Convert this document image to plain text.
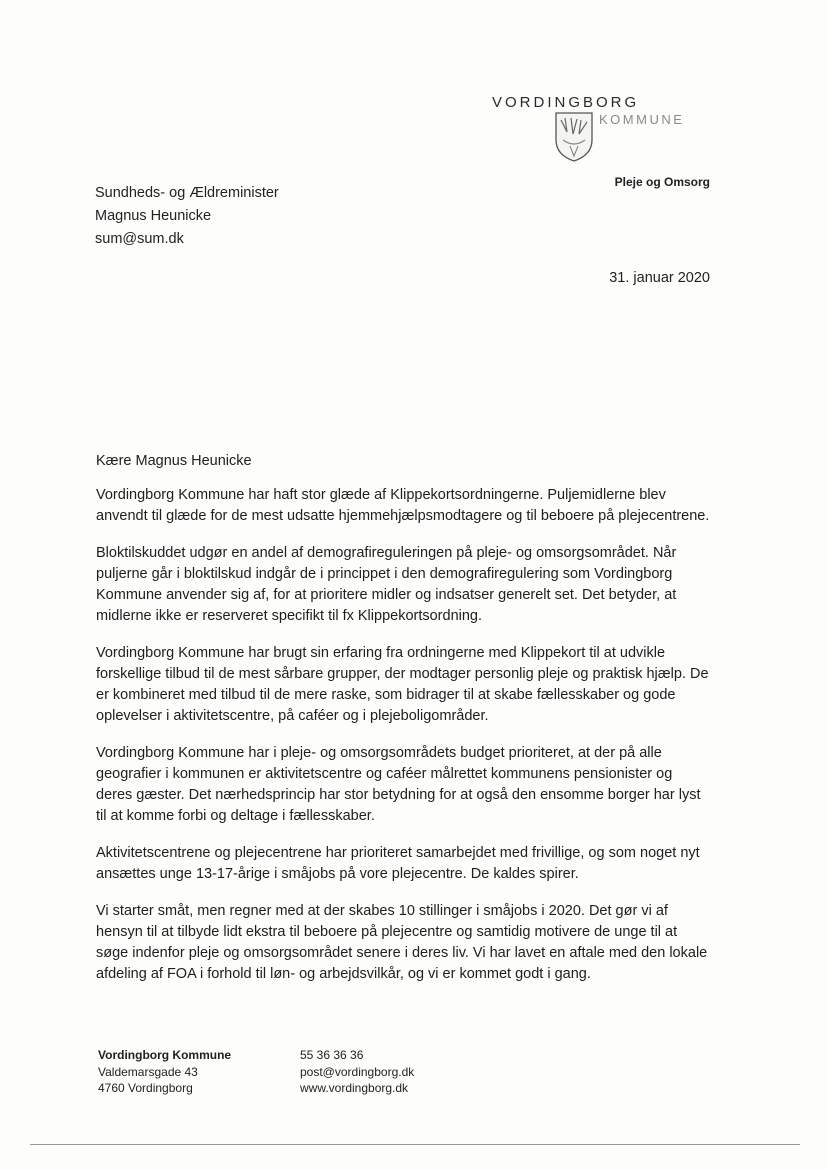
VORDINGBORG
KOMMUNE
Pleje og Omsorg
Sundheds- og Ældreminister
Magnus Heunicke
sum@sum.dk
31. januar 2020

Kære Magnus Heunicke

Vordingborg Kommune har haft stor glæde af Klippekortsordningerne. Puljemidlerne blev anvendt til glæde for de mest udsatte hjemmehjælpsmodtagere og til beboere på plejecentrene.

Bloktilskuddet udgør en andel af demografireguleringen på pleje- og omsorgsområdet. Når puljerne går i bloktilskud indgår de i princippet i den demografiregulering som Vordingborg Kommune anvender sig af, for at prioritere midler og indsatser generelt set. Det betyder, at midlerne ikke er reserveret specifikt til fx Klippekortsordning.

Vordingborg Kommune har brugt sin erfaring fra ordningerne med Klippekort til at udvikle forskellige tilbud til de mest sårbare grupper, der modtager personlig pleje og praktisk hjælp. De er kombineret med tilbud til de mere raske, som bidrager til at skabe fællesskaber og gode oplevelser i aktivitetscentre, på caféer og i plejeboligområder.

Vordingborg Kommune har i pleje- og omsorgsområdets budget prioriteret, at der på alle geografier i kommunen er aktivitetscentre og caféer målrettet kommunens pensionister og deres gæster. Det nærhedsprincip har stor betydning for at også den ensomme borger har lyst til at komme forbi og deltage i fællesskaber.

Aktivitetscentrene og plejecentrene har prioriteret samarbejdet med frivillige, og som noget nyt ansættes unge 13-17-årige i småjobs på vore plejecentre. De kaldes spirer.

Vi starter småt, men regner med at der skabes 10 stillinger i småjobs i 2020. Det gør vi af hensyn til at tilbyde lidt ekstra til beboere på plejecentre og samtidig motivere de unge til at søge indenfor pleje og omsorgsområdet senere i deres liv. Vi har lavet en aftale med den lokale afdeling af FOA i forhold til løn- og arbejdsvilkår, og vi er kommet godt i gang.

Vordingborg Kommune
Valdemarsgade 43
4760 Vordingborg
55 36 36 36
post@vordingborg.dk
www.vordingborg.dk
